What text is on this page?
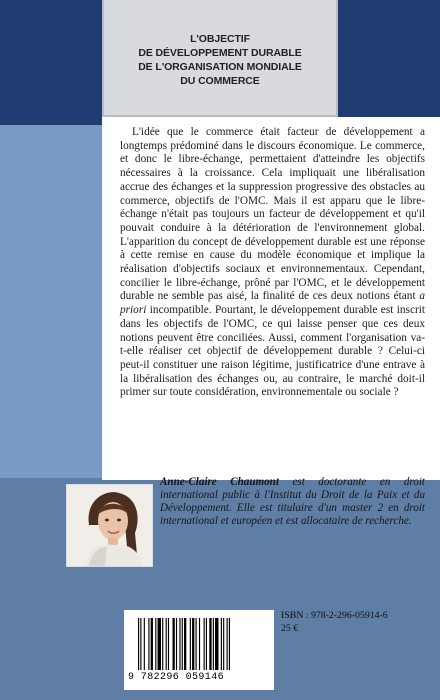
L'OBJECTIF
DE DÉVELOPPEMENT DURABLE
DE L'ORGANISATION MONDIALE
DU COMMERCE

L'idée que le commerce était facteur de développement a longtemps prédominé dans le discours économique. Le commerce, et donc le libre-échange, permettaient d'atteindre les objectifs nécessaires à la croissance. Cela impliquait une libéralisation accrue des échanges et la suppression progressive des obstacles au commerce, objectifs de l'OMC. Mais il est apparu que le libre-échange n'était pas toujours un facteur de développement et qu'il pouvait conduire à la détérioration de l'environnement global. L'apparition du concept de développement durable est une réponse à cette remise en cause du modèle économique et implique la réalisation d'objectifs sociaux et environnementaux. Cependant, concilier le libre-échange, prôné par l'OMC, et le développement durable ne semble pas aisé, la finalité de ces deux notions étant a priori incompatible. Pourtant, le développement durable est inscrit dans les objectifs de l'OMC, ce qui laisse penser que ces deux notions peuvent être conciliées. Aussi, comment l'organisation va-t-elle réaliser cet objectif de développement durable ? Celui-ci peut-il constituer une raison légitime, justificatrice d'une entrave à la libéralisation des échanges ou, au contraire, le marché doit-il primer sur toute considération, environnementale ou sociale ?

Anne-Claire Chaumont est doctorante en droit international public à l'Institut du Droit de la Paix et du Développement. Elle est titulaire d'un master 2 en droit international et européen et est allocataire de recherche.
9 782296 059146
ISBN : 978-2-296-05914-6
25 €
